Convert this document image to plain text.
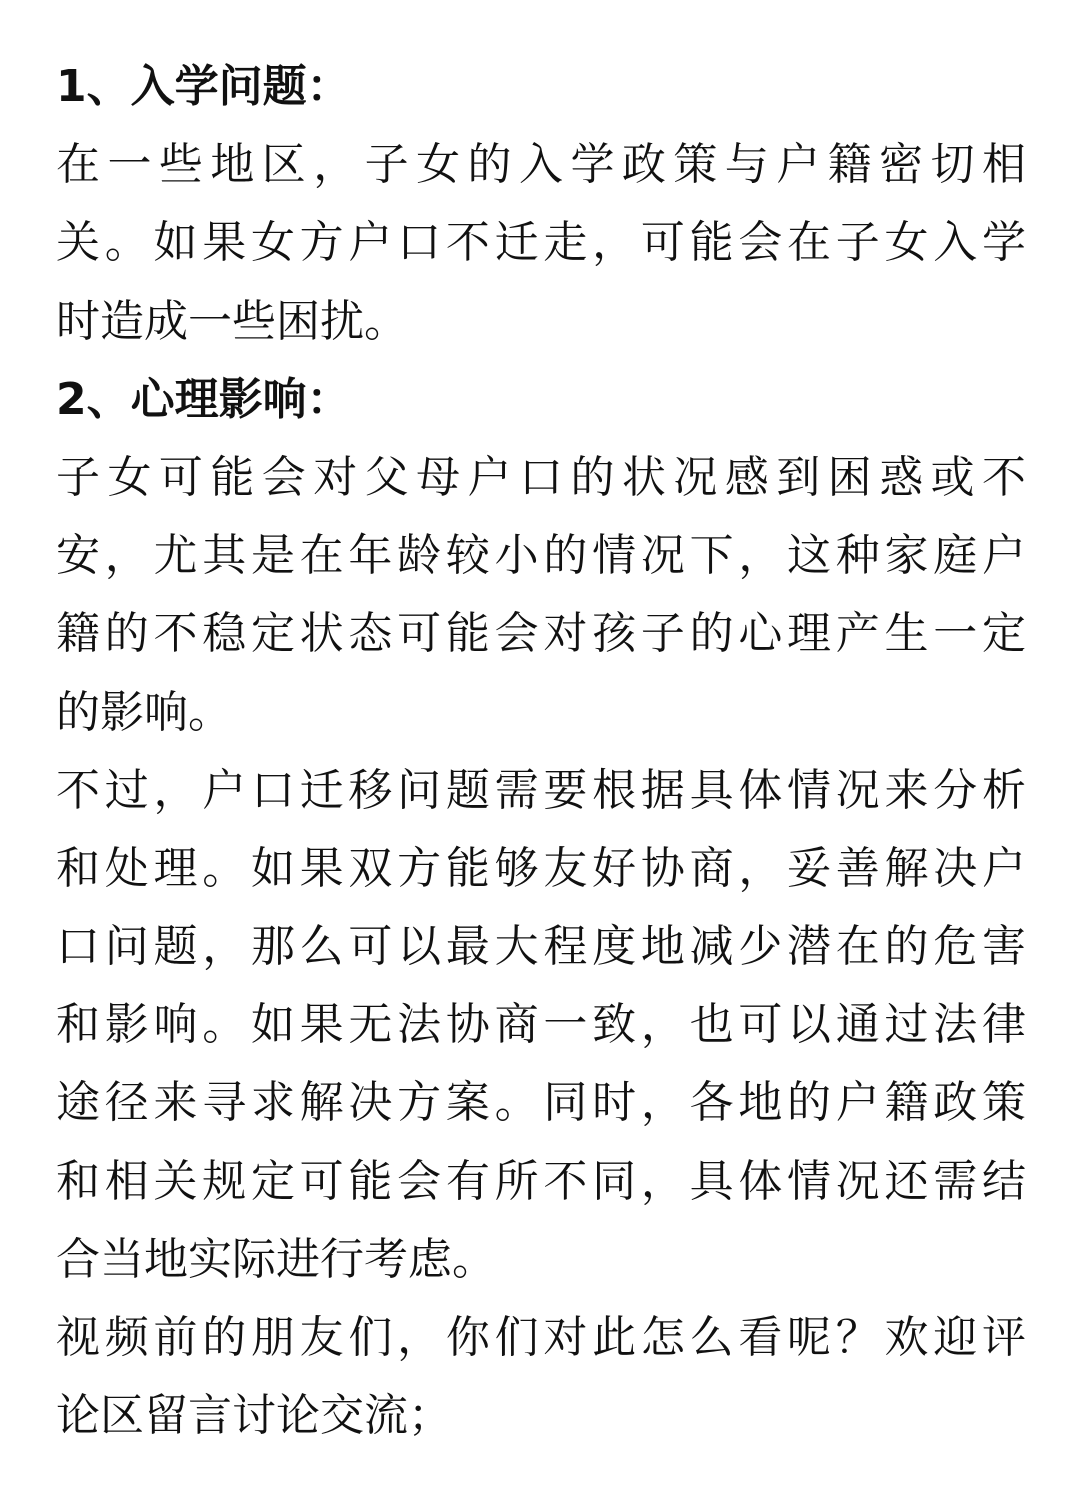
1、入学问题：
在一些地区，子女的入学政策与户籍密切相
关。如果女方户口不迁走，可能会在子女入学
时造成一些困扰。
2、心理影响：
子女可能会对父母户口的状况感到困惑或不
安，尤其是在年龄较小的情况下，这种家庭户
籍的不稳定状态可能会对孩子的心理产生一定
的影响。
不过，户口迁移问题需要根据具体情况来分析
和处理。如果双方能够友好协商，妥善解决户
口问题，那么可以最大程度地减少潜在的危害
和影响。如果无法协商一致，也可以通过法律
途径来寻求解决方案。同时，各地的户籍政策
和相关规定可能会有所不同，具体情况还需结
合当地实际进行考虑。
视频前的朋友们，你们对此怎么看呢？欢迎评
论区留言讨论交流；
